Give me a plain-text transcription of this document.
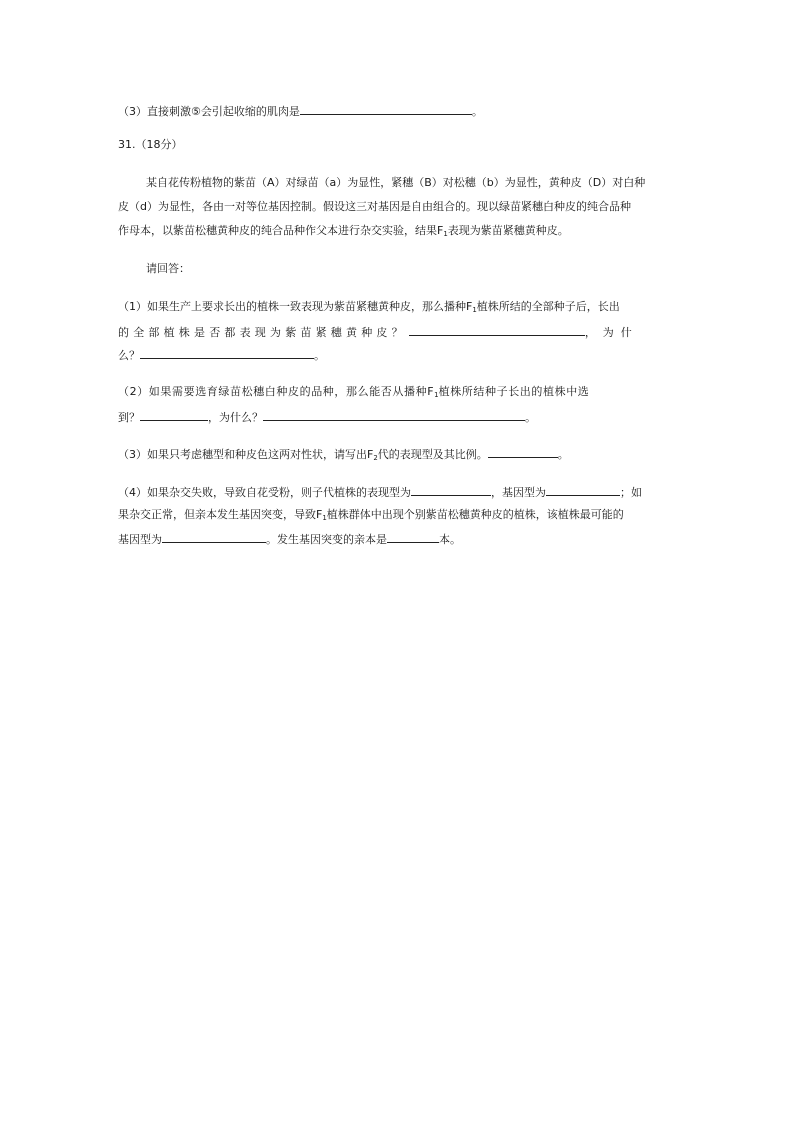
（3）直接刺激⑤会引起收缩的肌肉是	。
31.（18分）
某自花传粉植物的紫苗（A）对绿苗（a）为显性，紧穗（B）对松穗（b）为显性，黄种皮（D）对白种
皮（d）为显性，各由一对等位基因控制。假设这三对基因是自由组合的。现以绿苗紧穗白种皮的纯合品种
作母本，以紫苗松穗黄种皮的纯合品种作父本进行杂交实验，结果$F_1$表现为紫苗紧穗黄种皮。
请回答：
（1）如果生产上要求长出的植株一致表现为紫苗紧穗黄种皮，那么播种$F_1$植株所结的全部种子后，长出
的全部植株是否都表现为紫苗紧穗黄种皮？	，为什
么？	。
（2）如果需要选育绿苗松穗白种皮的品种，那么能否从播种$F_1$植株所结种子长出的植株中选
到？	，为什么？	。
（3）如果只考虑穗型和种皮色这两对性状，请写出$F_2$代的表现型及其比例。	。
（4）如果杂交失败，导致自花受粉，则子代植株的表现型为	，基因型为	；如
果杂交正常，但亲本发生基因突变，导致$F_1$植株群体中出现个别紫苗松穗黄种皮的植株，该植株最可能的
基因型为	。发生基因突变的亲本是	本。
